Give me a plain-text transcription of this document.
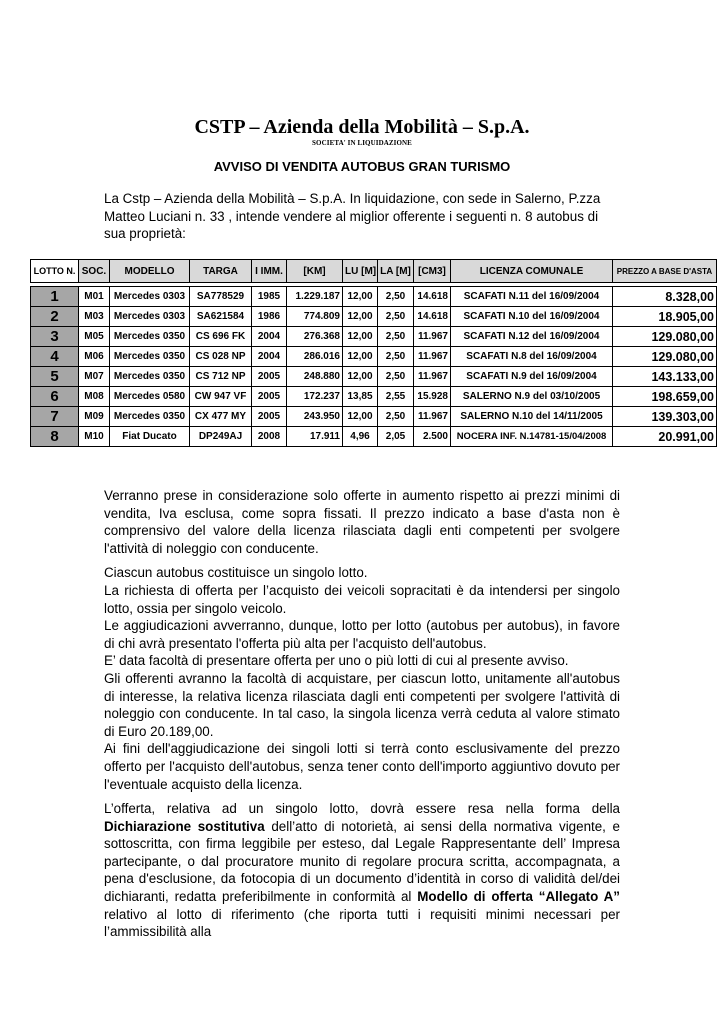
CSTP – Azienda della Mobilità – S.p.A.
SOCIETA' IN LIQUIDAZIONE
AVVISO DI VENDITA AUTOBUS GRAN TURISMO

La Cstp – Azienda della Mobilità – S.p.A. In liquidazione, con sede in Salerno, P.zza Matteo Luciani n. 33 , intende vendere al miglior offerente i seguenti n. 8 autobus di sua proprietà:

LOTTO N.	SOC.	MODELLO	TARGA	I IMM.	[KM]	LU [M]	LA [M]	[CM3]	LICENZA COMUNALE	PREZZO A BASE D'ASTA

1	M01	Mercedes 0303	SA778529	1985	1.229.187	12,00	2,50	14.618	SCAFATI N.11 del 16/09/2004	8.328,00
2	M03	Mercedes 0303	SA621584	1986	774.809	12,00	2,50	14.618	SCAFATI N.10 del 16/09/2004	18.905,00
3	M05	Mercedes 0350	CS 696 FK	2004	276.368	12,00	2,50	11.967	SCAFATI N.12 del 16/09/2004	129.080,00
4	M06	Mercedes 0350	CS 028 NP	2004	286.016	12,00	2,50	11.967	SCAFATI N.8 del 16/09/2004	129.080,00
5	M07	Mercedes 0350	CS 712 NP	2005	248.880	12,00	2,50	11.967	SCAFATI N.9 del 16/09/2004	143.133,00
6	M08	Mercedes 0580	CW 947 VF	2005	172.237	13,85	2,55	15.928	SALERNO N.9 del 03/10/2005	198.659,00
7	M09	Mercedes 0350	CX 477 MY	2005	243.950	12,00	2,50	11.967	SALERNO N.10 del 14/11/2005	139.303,00
8	M10	Fiat Ducato	DP249AJ	2008	17.911	4,96	2,05	2.500	NOCERA INF. N.14781-15/04/2008	20.991,00

Verranno prese in considerazione solo offerte in aumento rispetto ai prezzi minimi di vendita, Iva esclusa, come sopra fissati. Il prezzo indicato a base d'asta non è comprensivo del valore della licenza rilasciata dagli enti competenti per svolgere l'attività di noleggio con conducente.

Ciascun autobus costituisce un singolo lotto.

La richiesta di offerta per l’acquisto dei veicoli sopracitati è da intendersi per singolo lotto, ossia per singolo veicolo.

Le aggiudicazioni avverranno, dunque, lotto per lotto (autobus per autobus), in favore di chi avrà presentato l'offerta più alta per l'acquisto dell'autobus.

E’ data facoltà di presentare offerta per uno o più lotti di cui al presente avviso.

Gli offerenti avranno la facoltà di acquistare, per ciascun lotto, unitamente all'autobus di interesse, la relativa licenza rilasciata dagli enti competenti per svolgere l'attività di noleggio con conducente. In tal caso, la singola licenza verrà ceduta al valore stimato di Euro 20.189,00.

Ai fini dell'aggiudicazione dei singoli lotti si terrà conto esclusivamente del prezzo offerto per l'acquisto dell'autobus, senza tener conto dell'importo aggiuntivo dovuto per l'eventuale acquisto della licenza.

L’offerta, relativa ad un singolo lotto, dovrà essere resa nella forma della Dichiarazione sostitutiva dell’atto di notorietà, ai sensi della normativa vigente, e sottoscritta, con firma leggibile per esteso, dal Legale Rappresentante dell’ Impresa partecipante, o dal procuratore munito di regolare procura scritta, accompagnata, a pena d'esclusione, da fotocopia di un documento d’identità in corso di validità del/dei dichiaranti, redatta preferibilmente in conformità al Modello di offerta “Allegato A” relativo al lotto di riferimento (che riporta tutti i requisiti minimi necessari per l’ammissibilità alla
